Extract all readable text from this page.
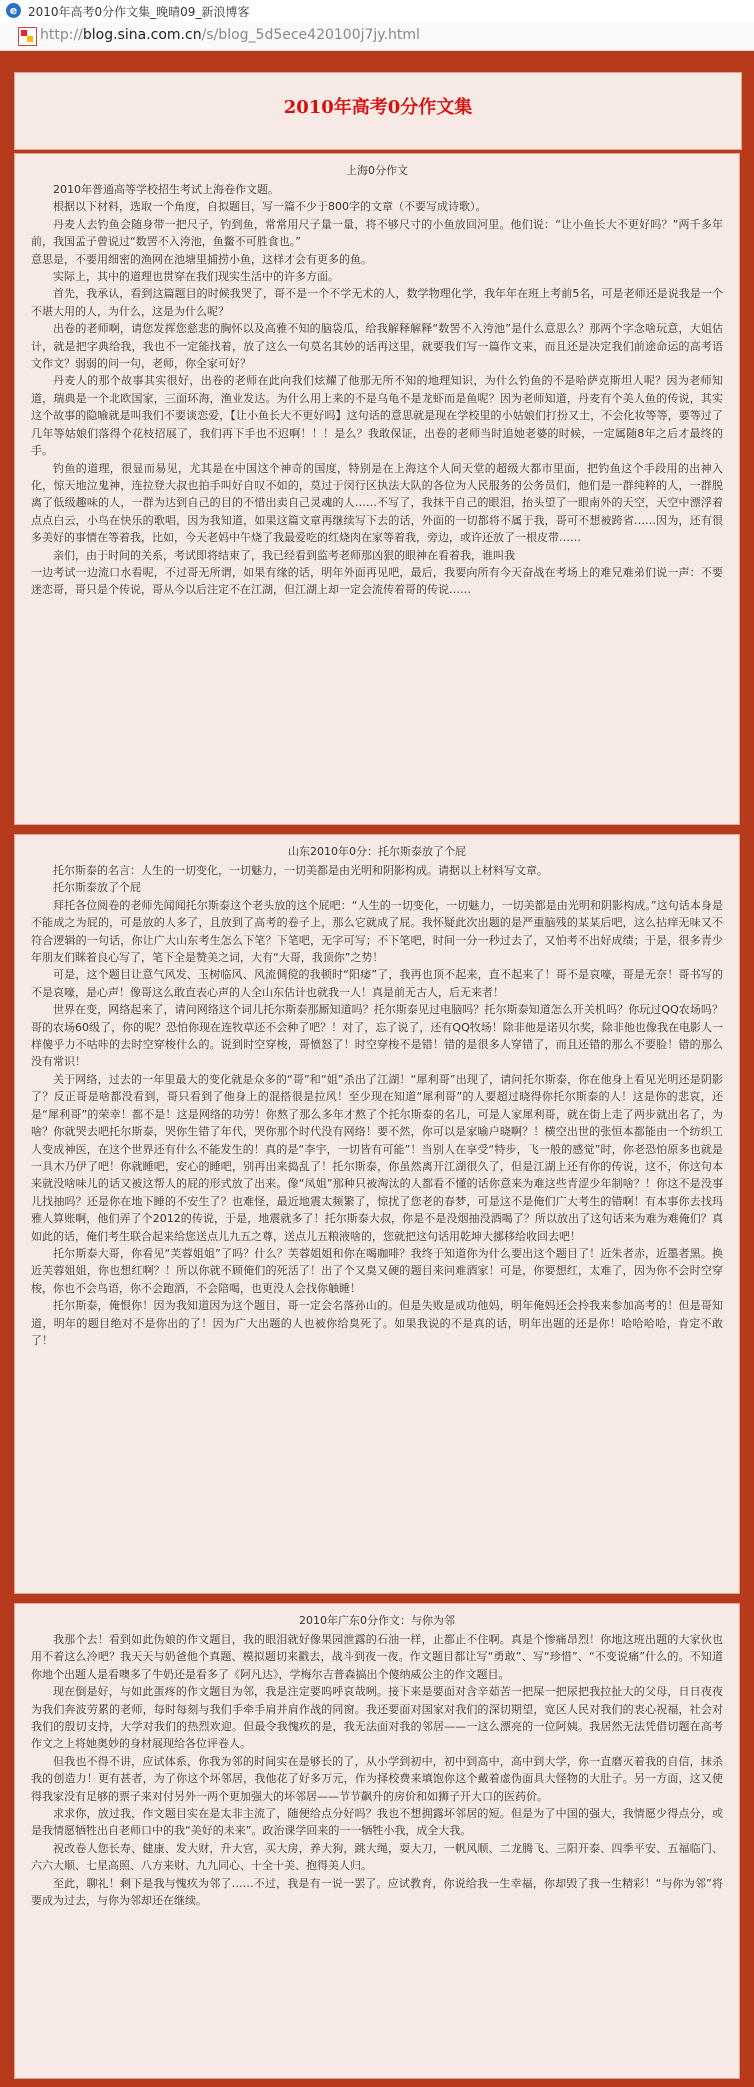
e 2010年高考0分作文集_晚晴09_新浪博客
http://blog.sina.com.cn/s/blog_5d5ece420100j7jy.html
2010年高考0分作文集
上海0分作文

2010年普通高等学校招生考试上海卷作文题。

根据以下材料，选取一个角度，自拟题目，写一篇不少于800字的文章（不要写成诗歌）。

丹麦人去钓鱼会随身带一把尺子，钓到鱼，常常用尺子量一量，将不够尺寸的小鱼放回河里。他们说：“让小鱼长大不更好吗？”两千多年前，我国孟子曾说过“数罟不入洿池，鱼鳖不可胜食也。”

意思是，不要用细密的渔网在池塘里捕捞小鱼，这样才会有更多的鱼。

实际上，其中的道理也贯穿在我们现实生活中的许多方面。

首先，我承认，看到这篇题目的时候我哭了，哥不是一个不学无术的人，数学物理化学，我年年在班上考前5名，可是老师还是说我是一个不堪大用的人，为什么，这是为什么呢？

出卷的老师啊，请您发挥您慈悲的胸怀以及高雅不知的脑袋瓜，给我解释解释“数罟不入洿池”是什么意思么？那两个字念啥玩意，大姐估计，就是把字典给我，我也不一定能找着，放了这么一句莫名其妙的话再这里，就要我们写一篇作文来，而且还是决定我们前途命运的高考语文作文？弱弱的问一句，老师，你全家可好？

丹麦人的那个故事其实很好，出卷的老师在此向我们炫耀了他那无所不知的地理知识，为什么钓鱼的不是哈萨克斯坦人呢？因为老师知道，瑞典是一个北欧国家，三面环海，渔业发达。为什么用上来的不是乌龟不是龙虾而是鱼呢？因为老师知道，丹麦有个美人鱼的传说，其实这个故事的隐喻就是叫我们不要谈恋爱，【让小鱼长大不更好吗】这句话的意思就是现在学校里的小姑娘们打扮又土，不会化妆等等，要等过了几年等姑娘们落得个花枝招展了，我们再下手也不迟啊！！！是么？我敢保证，出卷的老师当时追她老婆的时候，一定属随8年之后才最终的手。

钓鱼的道理，很显而易见，尤其是在中国这个神奇的国度，特别是在上海这个人间天堂的超级大都市里面，把钓鱼这个手段用的出神入化，惊天地泣鬼神，连拉登大叔也拍手叫好自叹不如的，莫过于闵行区执法大队的各位为人民服务的公务员们，他们是一群纯粹的人，一群脱离了低级趣味的人，一群为达到自己的目的不惜出卖自己灵魂的人……不写了，我抹干自己的眼泪，抬头望了一眼南外的天空，天空中漂浮着点点白云，小鸟在快乐的歌唱，因为我知道，如果这篇文章再继续写下去的话，外面的一切都将不属于我，哥可不想被跨省……因为，还有很多美好的事情在等着我，比如，今天老妈中午烧了我最爱吃的红烧肉在家等着我，旁边，或许还放了一根皮带……

亲们，由于时间的关系，考试即将结束了，我已经看到监考老师那凶狠的眼神在看着我，谁叫我

一边考试一边流口水看呢，不过哥无所谓，如果有缘的话，明年外面再见吧，最后，我要向所有今天奋战在考场上的难兄难弟们说一声：不要迷恋哥，哥只是个传说，哥从今以后注定不在江湖，但江湖上却一定会流传着哥的传说……

山东2010年0分：托尔斯泰放了个屁

托尔斯泰的名言：人生的一切变化，一切魅力，一切美都是由光明和阴影构成。请据以上材料写文章。

托尔斯泰放了个屁

拜托各位阅卷的老师先闻闻托尔斯泰这个老头放的这个屁吧：“人生的一切变化，一切魅力，一切美都是由光明和阴影构成。”这句话本身是不能成之为屁的，可是放的人多了，且放到了高考的卷子上，那么它就成了屁。我怀疑此次出题的是严重脑残的某某后吧，这么拈痒无味又不符合逻辑的一句话，你让广大山东考生怎么下笔？下笔吧，无字可写；不下笔吧，时间一分一秒过去了，又怕考不出好成绩；于是，很多青少年朋友们眯着良心写了，笔下全是赞美之词，大有“大哥，我顶你”之势！

可是，这个题目让意气风发、玉树临风、风流倜傥的我顿时“阳痿”了，我再也顶不起来，直不起来了！哥不是哀嚎，哥是无奈！哥书写的不是哀嚎，是心声！像哥这么敢直表心声的人全山东估计也就我一人！真是前无古人，后无来者！

世界在变，网络起来了，请问网络这个词儿托尔斯泰那厮知道吗？托尔斯泰见过电脑吗？托尔斯泰知道怎么开关机吗？你玩过QQ农场吗？哥的农场60级了，你的呢？恐怕你现在连牧草还不会种了吧？！对了，忘了说了，还有QQ牧场！除非他是诺贝尔奖，除非他也像我在电影人一样傻乎力不咕咔的去时空穿梭什么的。说到时空穿梭，哥愤怒了！时空穿梭不是错！错的是很多人穿错了，而且还错的那么不要脸！错的那么没有常识！

关于网络，过去的一年里最大的变化就是众多的“哥”和“姐”杀出了江湖！“犀利哥”出现了，请问托尔斯泰，你在他身上看见光明还是阴影了？反正哥是啥都没看到，哥只看到了他身上的混搭很是拉风！至少现在知道“犀利哥”的人要超过晓得你托尔斯泰的人！这是你的悲哀，还是“犀利哥”的荣幸！都不是！这是网络的功劳！你熬了那么多年才熬了个托尔斯泰的名儿，可是人家犀利哥，就在街上走了两步就出名了，为啥？你就哭去吧托尔斯泰，哭你生错了年代，哭你那个时代没有网络！要不然，你可以是家喻户晓啊？！横空出世的张恒本都能由一个纺织工人变成神医，在这个世界还有什么不能发生的！真的是“李宇，一切皆有可能”！当别人在享受“特步，飞一般的感觉”时，你老恐怕原多也就是一具木乃伊了吧！你就睡吧，安心的睡吧，别再出来捣乱了！托尔斯泰，你虽然离开江湖很久了，但是江湖上还有你的传说，这不，你这句本来就没啥味儿的话又被这帮人的屁的形式放了出来。像“凤姐”那种只被淘汰的人都看不懂的话你意来为难这些青涩少年制啥？！你这不是没事儿找抽吗？还是你在地下睡的不安生了？也难怪，最近地震太频繁了，惊扰了您老的春梦，可是这不是俺们广大考生的错啊！有本事你去找玛雅人算账啊，他们弄了个2012的传说，于是，地震就多了！托尔斯泰大叔，你是不是没烟抽没酒喝了？所以放出了这句话来为难为难俺们？真如此的话，俺们考生联合起来给您送点儿九五之尊，送点儿五粮液啥的，您就把这句话用乾坤大挪移给收回去吧！

托尔斯泰大哥，你看见“芙蓉姐姐”了吗？什么？芙蓉姐姐和你在喝咖啡？我终于知道你为什么要出这个题目了！近朱者赤，近墨者黑。换近芙蓉姐姐，你也想红啊？！所以你就不顾俺们的死活了！出了个又臭又硬的题目来问难酒家！可是，你要想红，太难了，因为你不会时空穿梭，你也不会鸟语，你不会跑酒，不会陪喝，也更没人会找你触睡！

托尔斯泰，俺恨你！因为我知道因为这个题目，哥一定会名落孙山的。但是失败是成功他妈，明年俺妈还会拎我来参加高考的！但是哥知道，明年的题目绝对不是你出的了！因为广大出题的人也被你给臭死了。如果我说的不是真的话，明年出题的还是你！哈哈哈哈，肯定不敢了！

2010年广东0分作文：与你为邻

我那个去！看到如此伪娘的作文题目，我的眼泪就好像果园泄露的石油一样，止都止不住啊。真是个惨痛昂烈！你地这班出题的大家伙也用不着这么冷吧？我天天与奶爸他个真题、模拟题切来戳去，战斗到夜一夜。作文题目都让写“勇敢”、写“珍惜”、“不变说痛”什么的。不知道你地个出题人是看噢多了牛奶还是看多了《阿凡达》，学梅尔吉普森搞出个傻纳威公主的作文题目。

现在倒是好，与如此蛋疼的作文题目为邻，我是注定要呜呼哀哉咧。接下来是要面对含辛茹苦一把屎一把尿把我拉扯大的父母，日日夜夜为我们奔波劳累的老师，每时每刻与我们手牵手肩并肩作战的同窗。我还要面对国家对我们的深切期望，宽区人民对我们的衷心祝福，社会对我们的殷切支持，大学对我们的热烈欢迎。但最令我愧疚的是，我无法面对我的邻居——一这么漂亮的一位阿姨。我居然无法凭借切题在高考作文之上将她奥妙的身材展现给各位评卷人。

但我也不得不讲，应试体系，你我为邻的时间实在是够长的了，从小学到初中，初中到高中，高中到大学，你一直磨灭着我的自信，抹杀我的创造力！更有甚者，为了你这个坏邻居，我他花了好多万元，作为择校费来填饱你这个戴着虚伪面具大怪物的大肚子。另一方面，这又使得我家没有足够的票子来对付另外一两个更加强大的坏邻居——节节飙升的房价和如狮子开大口的医药价。

求求你，放过我，作文题目实在是太非主流了，随便给点分好吗？我也不想拥露坏邻居的短。但是为了中国的强大，我情愿少得点分，或是我情愿牺牲出自老师口中的我“美好的未来”。政治课学回来的一一牺牲小我，成全大我。

祝改卷人您长寿、健康、发大财，升大官，买大房，养大狗，跳大绳，耍大刀，一帆风顺、二龙腾飞、三阳开泰、四季平安、五福临门、六六大顺、七星高照、八方来财、九九同心、十全十美、抱得美人归。

至此，聊礼！剩下是我与愧疚为邻了……不过，我是有一说一罢了。应试教育，你说给我一生幸福，你却毁了我一生精彩！“与你为邻”将要成为过去，与你为邻却还在继续。
